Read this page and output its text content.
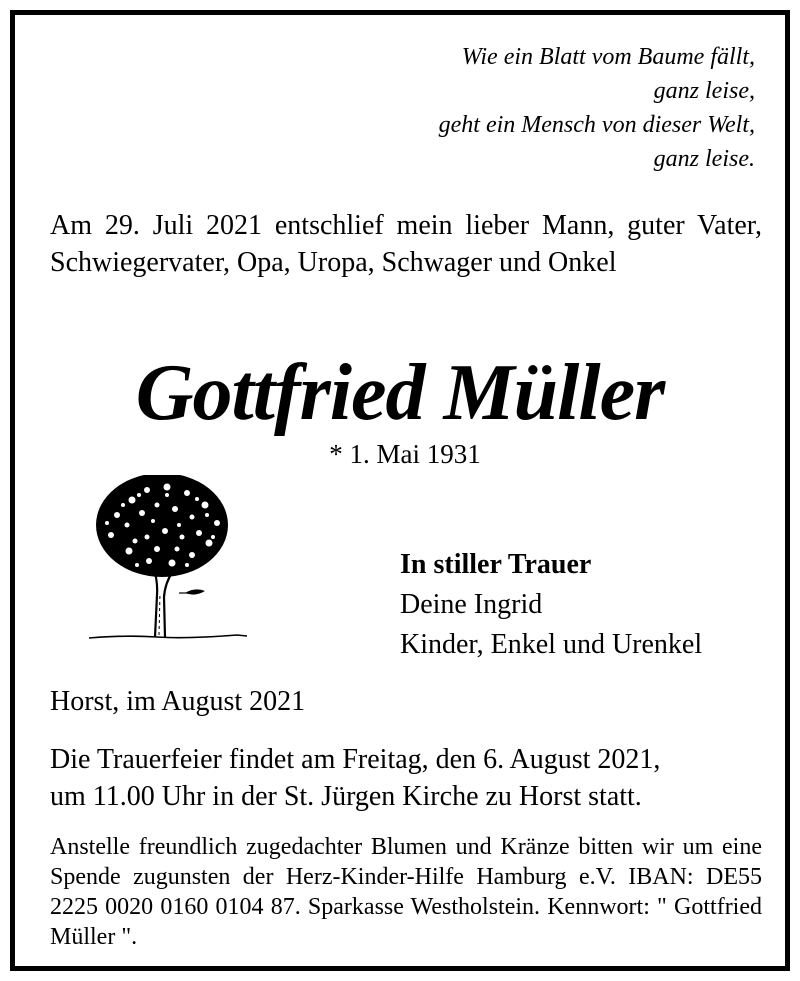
Wie ein Blatt vom Baume fällt,
ganz leise,
geht ein Mensch von dieser Welt,
ganz leise.
Am 29. Juli 2021 entschlief mein lieber Mann, guter Vater, Schwiegervater, Opa, Uropa, Schwager und Onkel
Gottfried Müller
* 1. Mai 1931
In stiller Trauer
Deine Ingrid
Kinder, Enkel und Urenkel
Horst, im August 2021
Die Trauerfeier findet am Freitag, den 6. August 2021,
um 11.00 Uhr in der St. Jürgen Kirche zu Horst statt.
Anstelle freundlich zugedachter Blumen und Kränze bitten wir um eine Spende zugunsten der Herz-Kinder-Hilfe Hamburg e.V. IBAN: DE55 2225 0020 0160 0104 87. Sparkasse Westholstein. Kennwort: " Gottfried Müller ".
